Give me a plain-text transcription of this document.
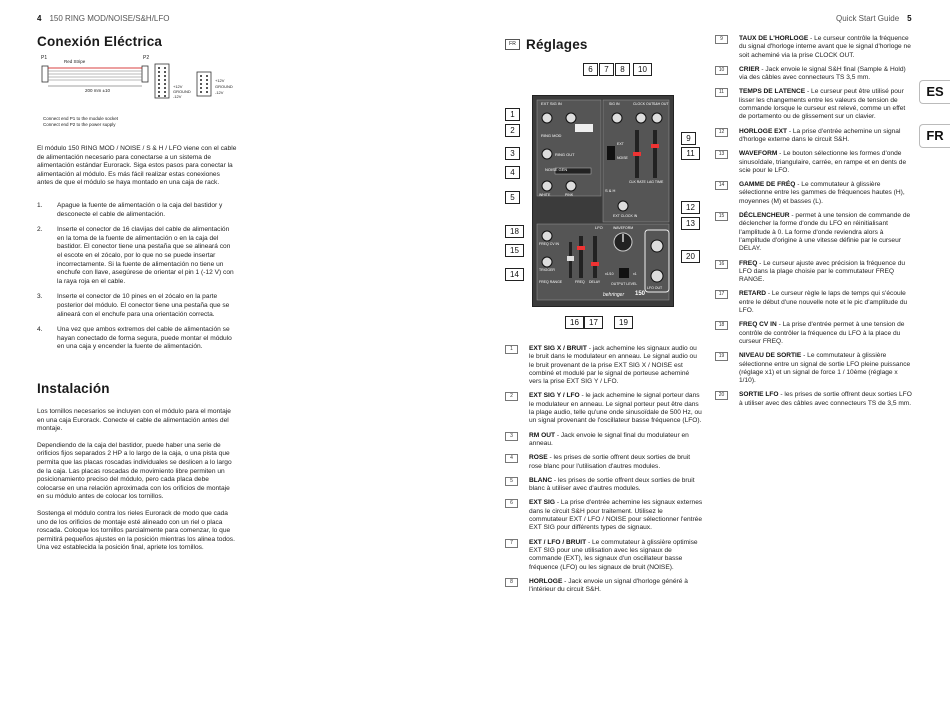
4 150 RING MOD/NOISE/S&H/LFO	Quick Start Guide 5
ES
FR
Conexión Eléctrica
P1	P2
Red Stripe
200 mm ±10
+12V
GROUND
-12V
+12V
GROUND
-12V
Connect end P1 to the module socket
Connect end P2 to the power supply
El módulo 150 RING MOD / NOISE / S & H / LFO viene con el cable de alimentación necesario para conectarse a un sistema de alimentación estándar Eurorack. Siga estos pasos para conectar la alimentación al módulo. Es más fácil realizar estas conexiones antes de que el módulo se haya montado en una caja de rack.
1. Apague la fuente de alimentación o la caja del bastidor y desconecte el cable de alimentación.
2. Inserte el conector de 16 clavijas del cable de alimentación en la toma de la fuente de alimentación o en la caja del bastidor. El conector tiene una pestaña que se alineará con el escote en el zócalo, por lo que no se puede insertar incorrectamente. Si la fuente de alimentación no tiene un enchufe con llave, asegúrese de orientar el pin 1 (-12 V) con la raya roja en el cable.
3. Inserte el conector de 10 pines en el zócalo en la parte posterior del módulo. El conector tiene una pestaña que se alineará con el enchufe para una orientación correcta.
4. Una vez que ambos extremos del cable de alimentación se hayan conectado de forma segura, puede montar el módulo en una caja y encender la fuente de alimentación.
Instalación
Los tornillos necesarios se incluyen con el módulo para el montaje en una caja Eurorack. Conecte el cable de alimentación antes del montaje.
Dependiendo de la caja del bastidor, puede haber una serie de orificios fijos separados 2 HP a lo largo de la caja, o una pista que permita que las placas roscadas individuales se deslicen a lo largo de la caja. Las placas roscadas de movimiento libre permiten un posicionamiento preciso del módulo, pero cada placa debe colocarse en una relación aproximada con los orificios de montaje en su módulo antes de colocar los tornillos.
Sostenga el módulo contra los rieles Eurorack de modo que cada uno de los orificios de montaje esté alineado con un riel o placa roscada. Coloque los tornillos parcialmente para comenzar, lo que permitirá pequeños ajustes en la posición mientras los alinea todos. Una vez establecida la posición final, apriete los tornillos.
FR Réglages
EXT SIG IN
RING MOD
RING OUT
NOISE GEN
WHITE	PINK
EXT
NOISE
SIG IN	CLOCK OUT S&H OUT
CLK RATE LAG TIME
S & H
EXT CLOCK IN
LFO	WAVEFORM
FREQ CV IN
TRIGGER
FREQ RANGE	FREQ DELAY
x1/10	x1
OUTPUT LEVEL
LFO OUT
behringer 150
1
2
3
4
5
6	7	8
9
10
11
12
13
14
15
16	17
18
19
20
1	EXT SIG X / BRUIT - jack achemine les signaux audio ou le bruit dans le modulateur en anneau. Le signal audio ou le bruit provenant de la prise EXT SIG X / NOISE est combiné et modulé par le signal de porteuse acheminé vers la prise EXT SIG Y / LFO.
2	EXT SIG Y / LFO - le jack achemine le signal porteur dans le modulateur en anneau. Le signal porteur peut être dans la plage audio, telle qu'une onde sinusoïdale de 500 Hz, ou un signal provenant de l'oscillateur basse fréquence (LFO).
3	RM OUT - Jack envoie le signal final du modulateur en anneau.
4	ROSE - les prises de sortie offrent deux sorties de bruit rose blanc pour l'utilisation d'autres modules.
5	BLANC - les prises de sortie offrent deux sorties de bruit blanc à utiliser avec d'autres modules.
6	EXT SIG - La prise d'entrée achemine les signaux externes dans le circuit S&H pour traitement. Utilisez le commutateur EXT / LFO / NOISE pour sélectionner l'entrée EXT SIG pour différents types de signaux.
7	EXT / LFO / BRUIT - Le commutateur à glissière optimise EXT SIG pour une utilisation avec les signaux de commande (EXT), les signaux d'un oscillateur basse fréquence (LFO) ou les signaux de bruit (NOISE).
8	HORLOGE - Jack envoie un signal d'horloge généré à l'intérieur du circuit S&H.
9	TAUX DE L'HORLOGE - Le curseur contrôle la fréquence du signal d'horloge interne avant que le signal d'horloge ne soit acheminé via la prise CLOCK OUT.
10	CRIER - Jack envoie le signal S&H final (Sample & Hold) via des câbles avec connecteurs TS 3,5 mm.
11	TEMPS DE LATENCE - Le curseur peut être utilisé pour lisser les changements entre les valeurs de tension de commande lorsque le curseur est relevé, comme un effet de portamento ou de glissement sur un clavier.
12	HORLOGE EXT - La prise d'entrée achemine un signal d'horloge externe dans le circuit S&H.
13	WAVEFORM - Le bouton sélectionne les formes d'onde sinusoïdale, triangulaire, carrée, en rampe et en dents de scie pour le LFO.
14	GAMME DE FRÉQ - Le commutateur à glissière sélectionne entre les gammes de fréquences hautes (H), moyennes (M) et basses (L).
15	DÉCLENCHEUR - permet à une tension de commande de déclencher la forme d'onde du LFO en réinitialisant l'amplitude à 0. La forme d'onde reviendra alors à l'amplitude d'origine à une vitesse définie par le curseur DELAY.
16	FREQ - Le curseur ajuste avec précision la fréquence du LFO dans la plage choisie par le commutateur FREQ RANGE.
17	RETARD - Le curseur règle le laps de temps qui s'écoule entre le début d'une nouvelle note et le pic d'amplitude du LFO.
18	FREQ CV IN - La prise d'entrée permet à une tension de contrôle de contrôler la fréquence du LFO à la place du curseur FREQ.
19	NIVEAU DE SORTIE - Le commutateur à glissière sélectionne entre un signal de sortie LFO pleine puissance (réglage x1) et un signal de force 1 / 10ème (réglage x 1/10).
20	SORTIE LFO - les prises de sortie offrent deux sorties LFO à utiliser avec des câbles avec connecteurs TS de 3,5 mm.
